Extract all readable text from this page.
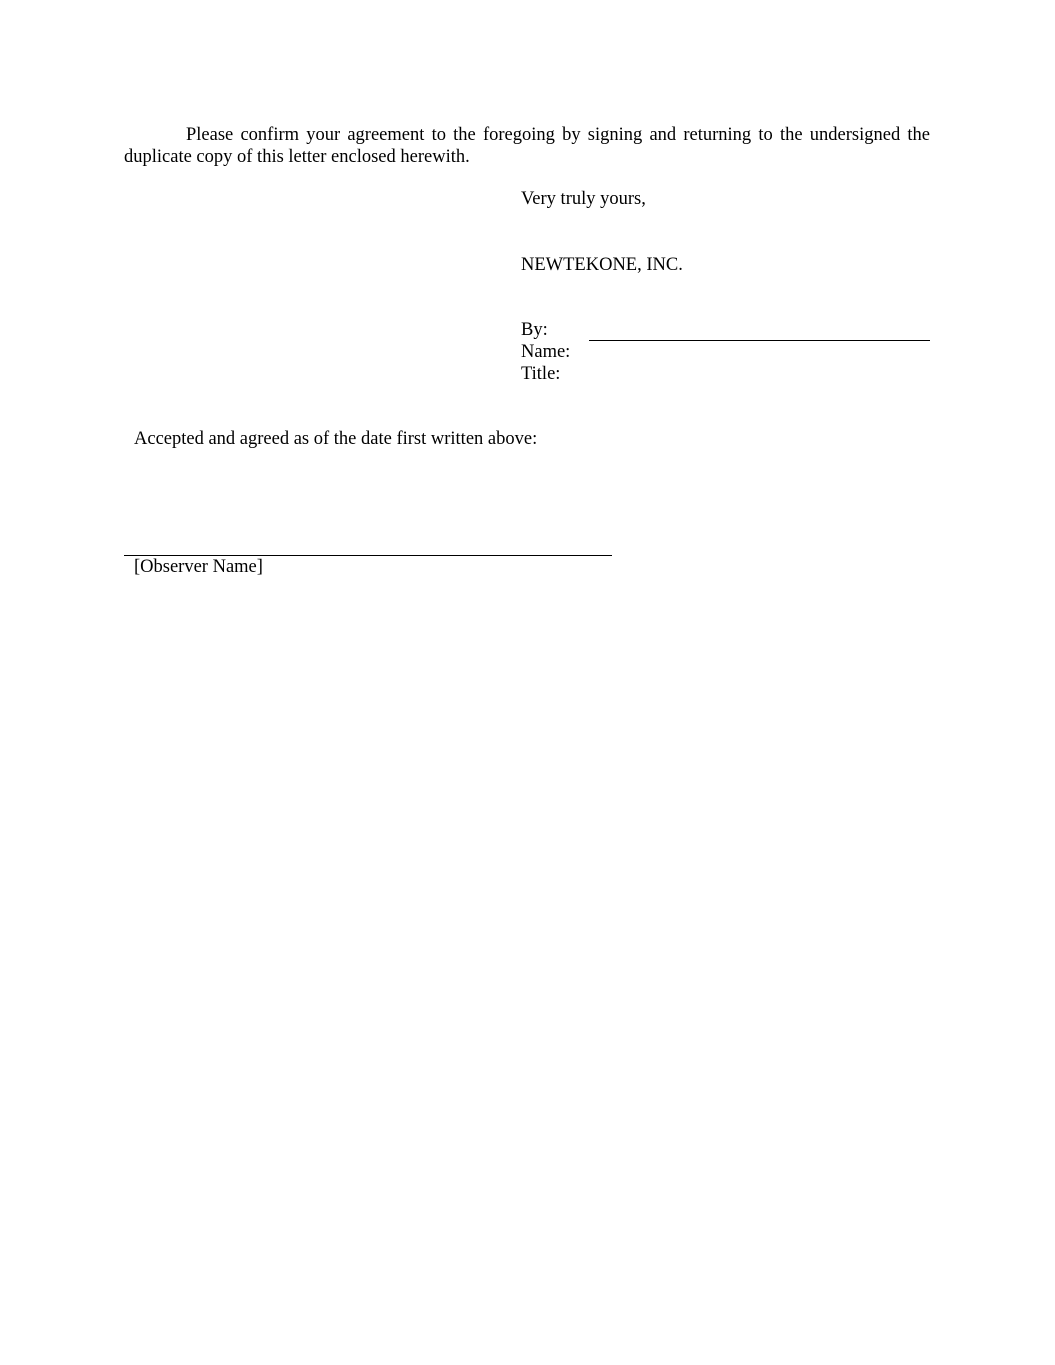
Please confirm your agreement to the foregoing by signing and returning to the undersigned the duplicate copy of this letter enclosed herewith.

Very truly yours,
NEWTEKONE, INC.
By:
Name:
Title:
Accepted and agreed as of the date first written above:
[Observer Name]
